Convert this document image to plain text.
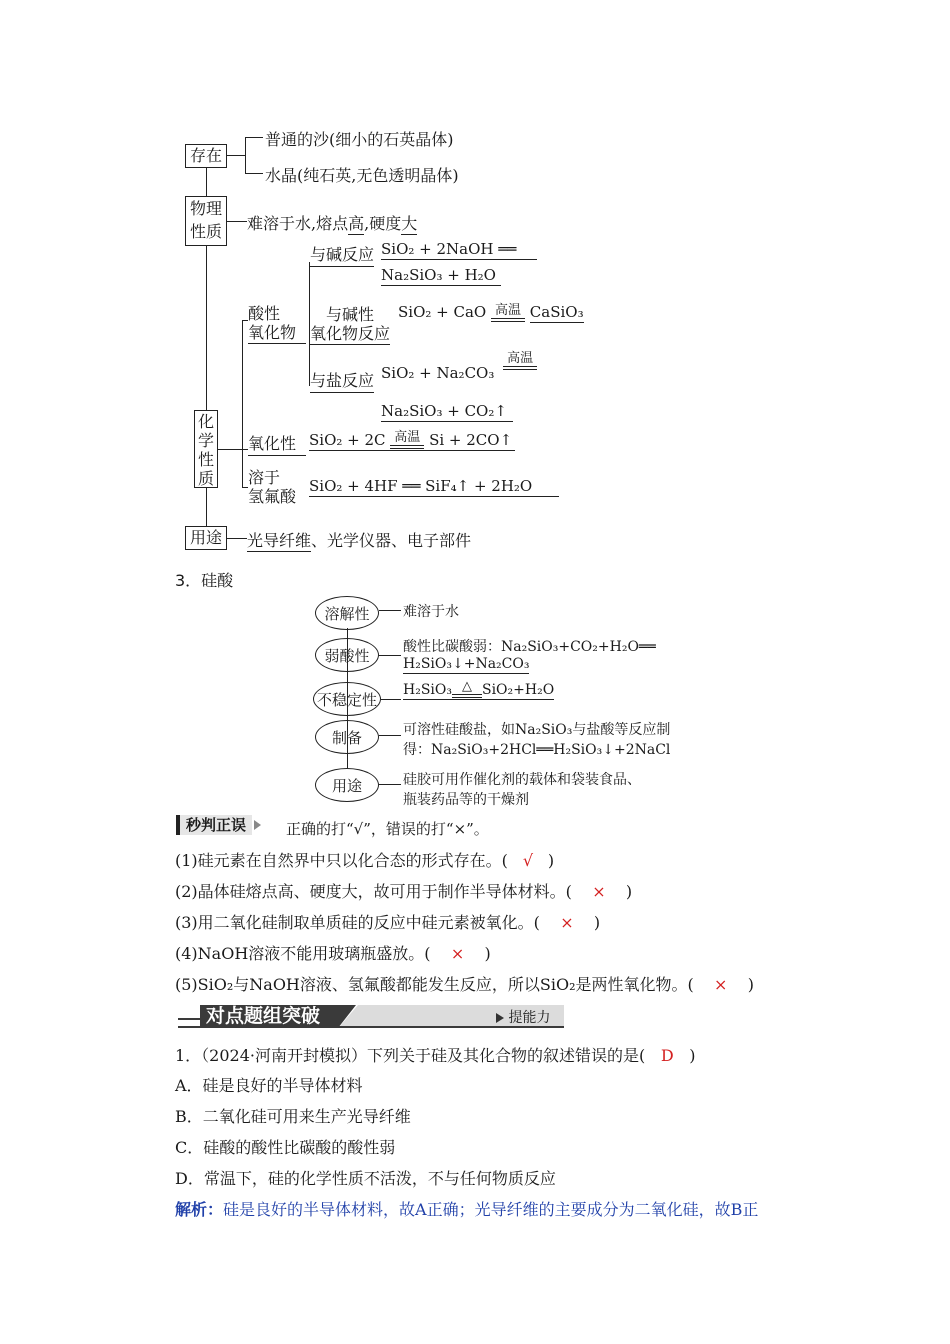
存在
普通的沙(细小的石英晶体)
水晶(纯石英,无色透明晶体)
物理
性质 难溶于水,熔点高,硬度大
化
学
性
质
酸性
氧化物
与碱反应 SiO₂ + 2NaOH ══
Na₂SiO₃ + H₂O
与碱性
氧化物反应
SiO₂ + CaO 高温 CaSiO₃
与盐反应 SiO₂ + Na₂CO₃
高温
Na₂SiO₃ + CO₂↑
氧化性 SiO₂ + 2C 高温 Si + 2CO↑
溶于
氢氟酸
SiO₂ + 4HF ══ SiF₄↑ + 2H₂O
用途	光导纤维、光学仪器、电子部件
3．硅酸
溶解性	难溶于水
弱酸性	酸性比碳酸弱：Na₂SiO₃+CO₂+H₂O══
H₂SiO₃↓+Na₂CO₃
不稳定性
H₂SiO₃ △ SiO₂+H₂O
制备	可溶性硅酸盐，如Na₂SiO₃与盐酸等反应制
得：Na₂SiO₃+2HCl══H₂SiO₃↓+2NaCl
用途	硅胶可用作催化剂的载体和袋装食品、
瓶装药品等的干燥剂
秒判正误	正确的打“√”，错误的打“×”。
(1)硅元素在自然界中只以化合态的形式存在。( √ )
(2)晶体硅熔点高、硬度大，故可用于制作半导体材料。( × )
(3)用二氧化硅制取单质硅的反应中硅元素被氧化。( × )
(4)NaOH溶液不能用玻璃瓶盛放。( × )
(5)SiO₂与NaOH溶液、氢氟酸都能发生反应，所以SiO₂是两性氧化物。( × )
对点题组突破	提能力
1．（2024·河南开封模拟）下列关于硅及其化合物的叙述错误的是( D )
A．硅是良好的半导体材料
B．二氧化硅可用来生产光导纤维
C．硅酸的酸性比碳酸的酸性弱
D．常温下，硅的化学性质不活泼，不与任何物质反应
解析：硅是良好的半导体材料，故A正确；光导纤维的主要成分为二氧化硅，故B正
